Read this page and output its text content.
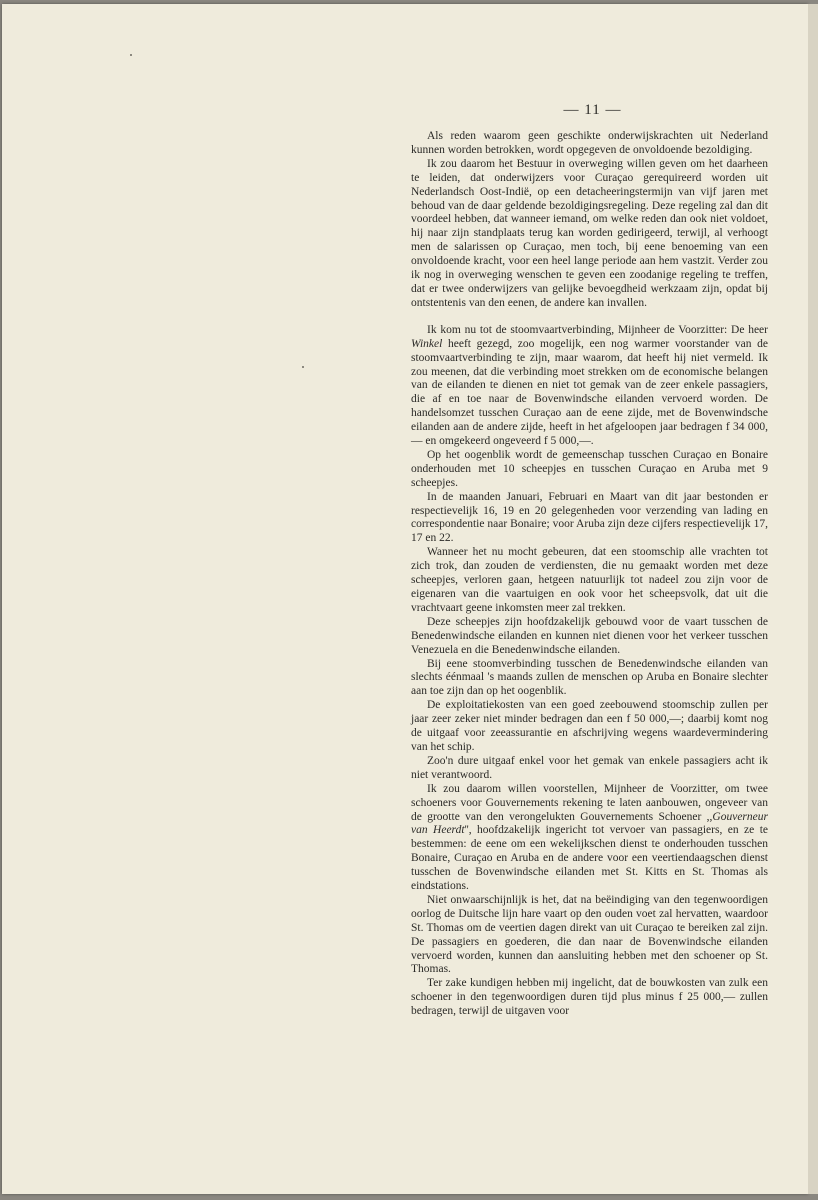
— 11 —

Als reden waarom geen geschikte onderwijskrachten uit Nederland kunnen worden betrokken, wordt opgegeven de onvoldoende bezoldiging.

Ik zou daarom het Bestuur in overweging willen geven om het daarheen te leiden, dat onderwijzers voor Curaçao gerequireerd worden uit Nederlandsch Oost-Indië, op een detacheeringstermijn van vijf jaren met behoud van de daar geldende bezoldigingsregeling. Deze regeling zal dan dit voordeel hebben, dat wanneer iemand, om welke reden dan ook niet voldoet, hij naar zijn standplaats terug kan worden gedirigeerd, terwijl, al verhoogt men de salarissen op Curaçao, men toch, bij eene benoeming van een onvoldoende kracht, voor een heel lange periode aan hem vastzit. Verder zou ik nog in overweging wenschen te geven een zoodanige regeling te treffen, dat er twee onderwijzers van gelijke bevoegdheid werkzaam zijn, opdat bij ontstentenis van den eenen, de andere kan invallen.

Ik kom nu tot de stoomvaartverbinding, Mijnheer de Voorzitter: De heer Winkel heeft gezegd, zoo mogelijk, een nog warmer voorstander van de stoomvaartverbinding te zijn, maar waarom, dat heeft hij niet vermeld. Ik zou meenen, dat die verbinding moet strekken om de economische belangen van de eilanden te dienen en niet tot gemak van de zeer enkele passagiers, die af en toe naar de Bovenwindsche eilanden vervoerd worden. De handelsomzet tusschen Curaçao aan de eene zijde, met de Bovenwindsche eilanden aan de andere zijde, heeft in het afgeloopen jaar bedragen f 34 000,— en omgekeerd ongeveerd f 5 000,—.

Op het oogenblik wordt de gemeenschap tusschen Curaçao en Bonaire onderhouden met 10 scheepjes en tusschen Curaçao en Aruba met 9 scheepjes.

In de maanden Januari, Februari en Maart van dit jaar bestonden er respectievelijk 16, 19 en 20 gelegenheden voor verzending van lading en correspondentie naar Bonaire; voor Aruba zijn deze cijfers respectievelijk 17, 17 en 22.

Wanneer het nu mocht gebeuren, dat een stoomschip alle vrachten tot zich trok, dan zouden de verdiensten, die nu gemaakt worden met deze scheepjes, verloren gaan, hetgeen natuurlijk tot nadeel zou zijn voor de eigenaren van die vaartuigen en ook voor het scheepsvolk, dat uit die vrachtvaart geene inkomsten meer zal trekken.

Deze scheepjes zijn hoofdzakelijk gebouwd voor de vaart tusschen de Benedenwindsche eilanden en kunnen niet dienen voor het verkeer tusschen Venezuela en die Benedenwindsche eilanden.

Bij eene stoomverbinding tusschen de Benedenwindsche eilanden van slechts éénmaal 's maands zullen de menschen op Aruba en Bonaire slechter aan toe zijn dan op het oogenblik.

De exploitatiekosten van een goed zeebouwend stoomschip zullen per jaar zeer zeker niet minder bedragen dan een f 50 000,—; daarbij komt nog de uitgaaf voor zeeassurantie en afschrijving wegens waardevermindering van het schip.

Zoo'n dure uitgaaf enkel voor het gemak van enkele passagiers acht ik niet verantwoord.

Ik zou daarom willen voorstellen, Mijnheer de Voorzitter, om twee schoeners voor Gouvernements rekening te laten aanbouwen, ongeveer van de grootte van den verongelukten Gouvernements Schoener ,,Gouverneur van Heerdt'', hoofdzakelijk ingericht tot vervoer van passagiers, en ze te bestemmen: de eene om een wekelijkschen dienst te onderhouden tusschen Bonaire, Curaçao en Aruba en de andere voor een veertiendaagschen dienst tusschen de Bovenwindsche eilanden met St. Kitts en St. Thomas als eindstations.

Niet onwaarschijnlijk is het, dat na beëindiging van den tegenwoordigen oorlog de Duitsche lijn hare vaart op den ouden voet zal hervatten, waardoor St. Thomas om de veertien dagen direkt van uit Curaçao te bereiken zal zijn. De passagiers en goederen, die dan naar de Bovenwindsche eilanden vervoerd worden, kunnen dan aansluiting hebben met den schoener op St. Thomas.

Ter zake kundigen hebben mij ingelicht, dat de bouwkosten van zulk een schoener in den tegenwoordigen duren tijd plus minus f 25 000,— zullen bedragen, terwijl de uitgaven voor
